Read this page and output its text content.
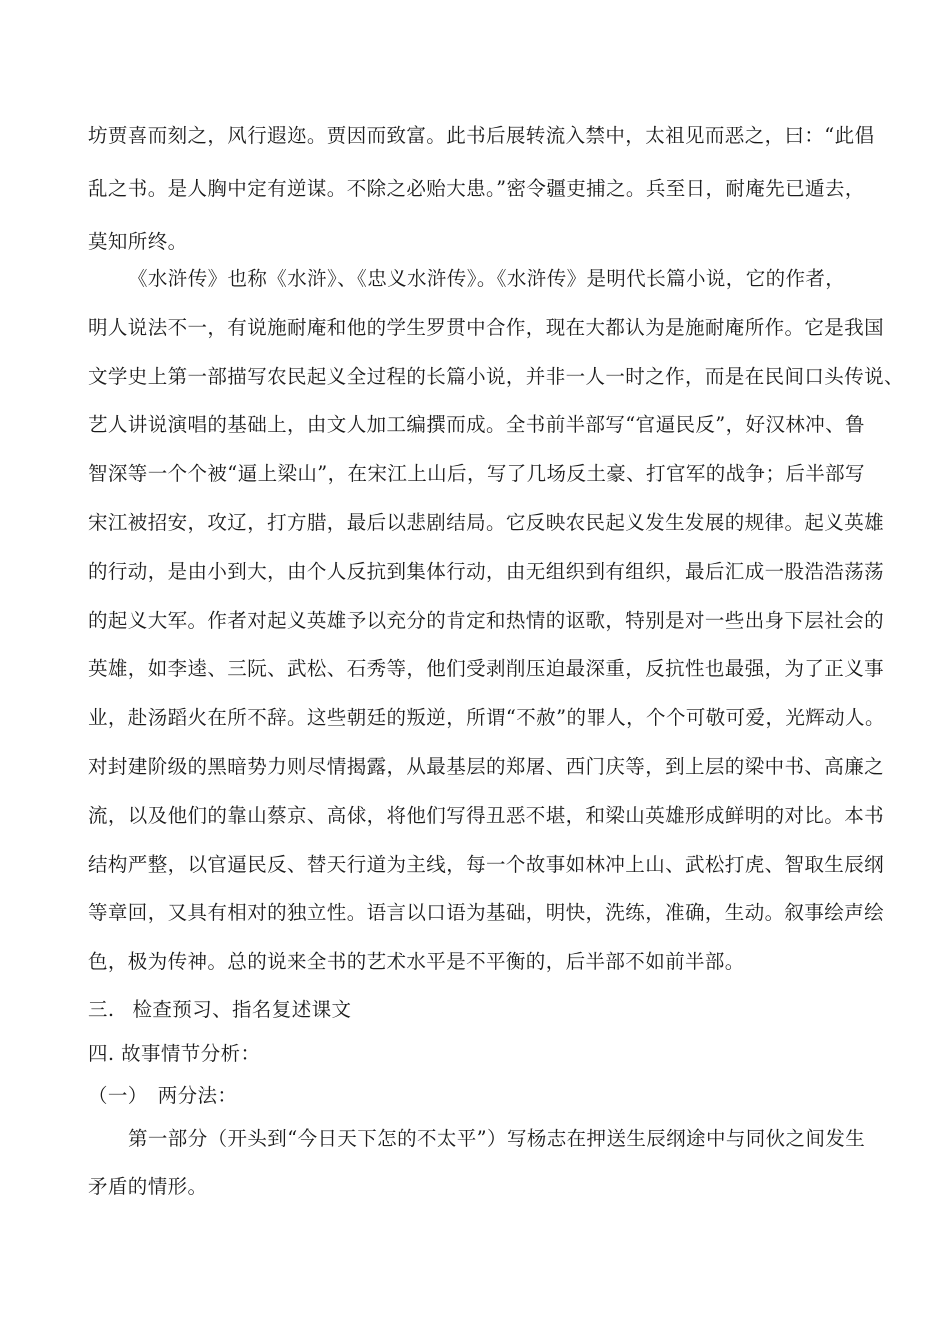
坊贾喜而刻之，风行遐迩。贾因而致富。此书后展转流入禁中，太祖见而恶之，曰：“此倡
乱之书。是人胸中定有逆谋。不除之必贻大患。”密令疆吏捕之。兵至日，耐庵先已遁去，
莫知所终。
《水浒传》也称《水浒》、《忠义水浒传》。《水浒传》是明代长篇小说，它的作者，
明人说法不一，有说施耐庵和他的学生罗贯中合作，现在大都认为是施耐庵所作。它是我国
文学史上第一部描写农民起义全过程的长篇小说，并非一人一时之作，而是在民间口头传说、
艺人讲说演唱的基础上，由文人加工编撰而成。全书前半部写“官逼民反”，好汉林冲、鲁
智深等一个个被“逼上梁山”，在宋江上山后，写了几场反土豪、打官军的战争；后半部写
宋江被招安，攻辽，打方腊，最后以悲剧结局。它反映农民起义发生发展的规律。起义英雄
的行动，是由小到大，由个人反抗到集体行动，由无组织到有组织，最后汇成一股浩浩荡荡
的起义大军。作者对起义英雄予以充分的肯定和热情的讴歌，特别是对一些出身下层社会的
英雄，如李逵、三阮、武松、石秀等，他们受剥削压迫最深重，反抗性也最强，为了正义事
业，赴汤蹈火在所不辞。这些朝廷的叛逆，所谓“不赦”的罪人，个个可敬可爱，光辉动人。
对封建阶级的黑暗势力则尽情揭露，从最基层的郑屠、西门庆等，到上层的梁中书、高廉之
流，以及他们的靠山蔡京、高俅，将他们写得丑恶不堪，和梁山英雄形成鲜明的对比。本书
结构严整，以官逼民反、替天行道为主线，每一个故事如林冲上山、武松打虎、智取生辰纲
等章回，又具有相对的独立性。语言以口语为基础，明快，洗练，准确，生动。叙事绘声绘
色，极为传神。总的说来全书的艺术水平是不平衡的，后半部不如前半部。
三. 检查预习、指名复述课文
四. 故事情节分析：
（一） 两分法：
第一部分（开头到“今日天下怎的不太平”）写杨志在押送生辰纲途中与同伙之间发生
矛盾的情形。
